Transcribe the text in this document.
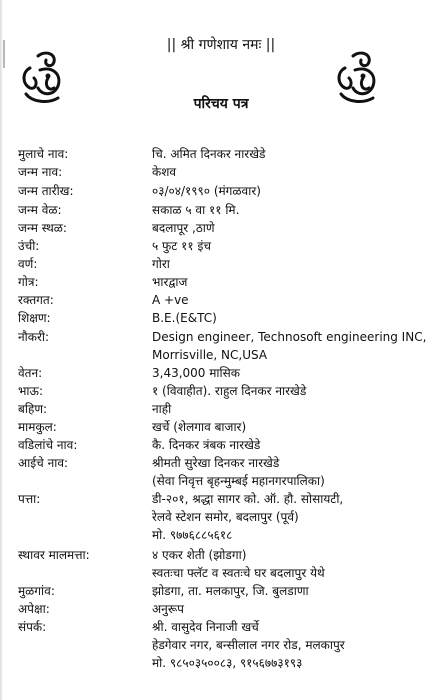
|| श्री गणेशाय नमः ||
परिचय पत्र
मुलाचे नाव:	चि. अमित दिनकर नारखेडे
जन्म नाव:	केशव
जन्म तारीख:	०३/०४/१९९० (मंगळवार)
जन्म वेळ:	सकाळ ५ वा ११ मि.
जन्म स्थळ:	बदलापूर ,ठाणे
उंची:	५ फुट ११ इंच
वर्ण:	गोरा
गोत्र:	भारद्वाज
रक्तगत:	A +ve
शिक्षण:	B.E.(E&TC)
नौकरी:	Design engineer, Technosoft engineering INC,
Morrisville, NC,USA
वेतन:	3,43,000 मासिक
भाऊ:	१ (विवाहीत). राहुल दिनकर नारखेडे
बहिण:	नाही
मामकुल:	खर्चे (शेलगाव बाजार)
वडिलांचे नाव:	कै. दिनकर त्रंबक नारखेडे
आईचे नाव:	श्रीमती सुरेखा दिनकर नारखेडे
(सेवा निवृत्त बृहन्मुम्बई महानगरपालिका)
पत्ता:	डी-२०१, श्रद्धा सागर को. ऑ. हौ. सोसायटी,
रेलवे स्टेशन समोर, बदलापुर (पूर्व)
मो. ९७७६८८५६१८
स्थावर मालमत्ता:	४ एकर शेती (झोडगा)
स्वतःचा फ्लॅट व स्वतःचे घर बदलापुर येथे
मुळगांव:	झोडगा, ता. मलकापुर, जि. बुलडाणा
अपेक्षा:	अनुरूप
संपर्क:	श्री. वासुदेव निनाजी खर्चे
हेडगेवार नगर, बन्सीलाल नगर रोड, मलकापुर
मो. ९८५०३५००८३, ९१५६७७३१९३
